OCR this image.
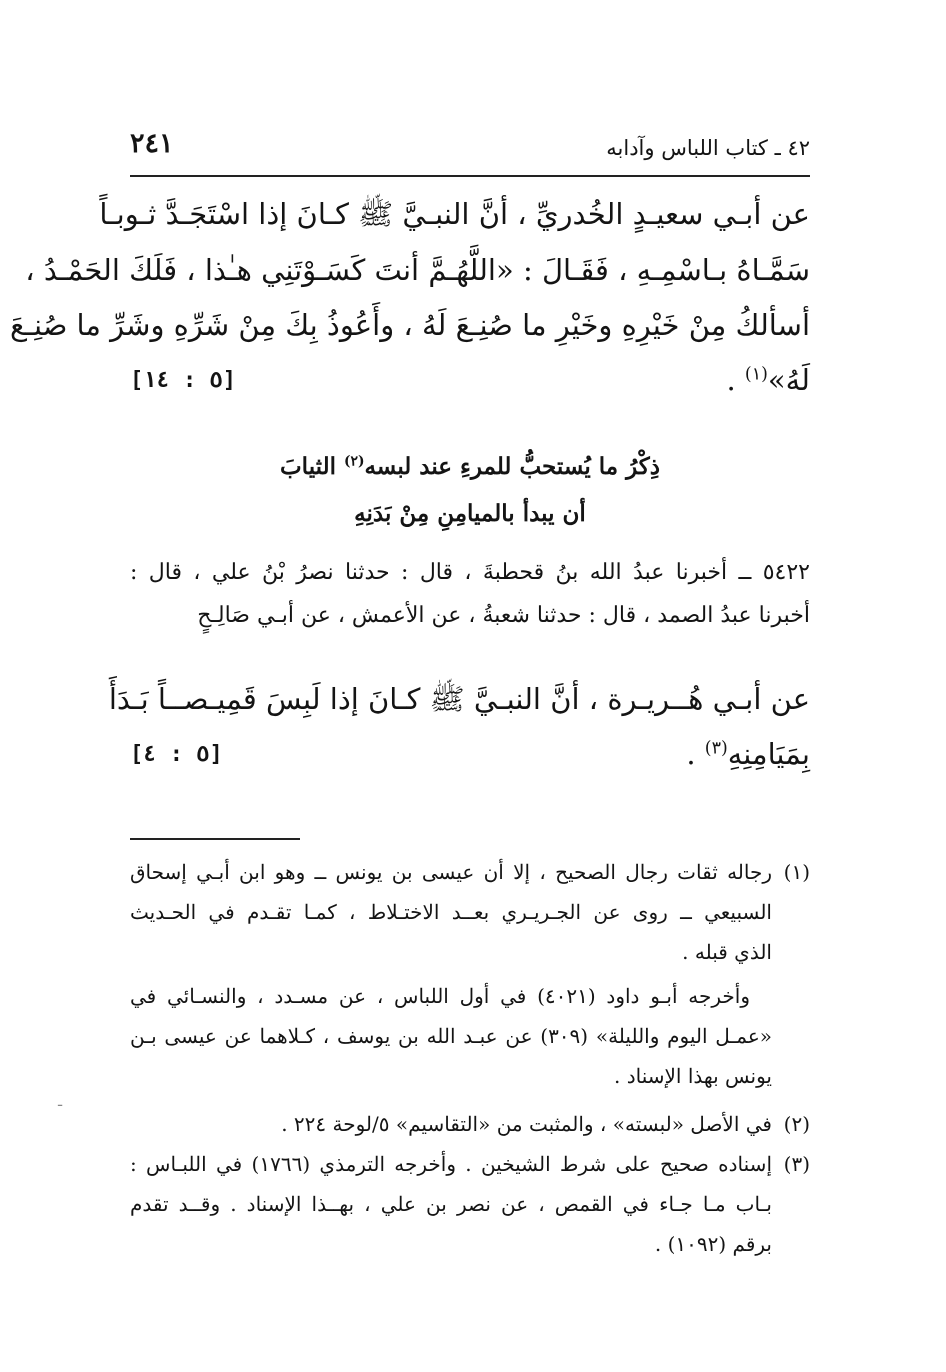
٢٤١	٤٢ ـ كتاب اللباس وآدابه
عن أبـي سعيـدٍ الخُدريِّ ، أنَّ النبـيَّ ﷺ كـانَ إذا اسْتَجَـدَّ ثـوبـاً
سَمَّـاهُ بـاسْمِـهِ ، فَقَـالَ : «اللَّهُـمَّ أنتَ كَسَـوْتَنِي هـٰذا ، فَلَكَ الحَمْـدُ ،
أسألكُ مِنْ خَيْرِهِ وخَيْرِ ما صُنِـعَ لَهُ ، وأَعُوذُ بِكَ مِنْ شَرِّهِ وشَرِّ ما صُنِـعَ
لَهُ»$^{(١)}$ .
[٥ : ١٤]
ذِكْرُ ما يُستحبُّ للمرءِ عند لبسه$^{(٢)}$ الثيابَ
أن يبدأ بالميامِنِ مِنْ بَدَنِهِ
٥٤٢٢ ــ أخبرنا عبدُ الله بنُ قحطبةَ ، قال : حدثنا نصرُ بْنُ علي ، قال :
أخبرنا عبدُ الصمد ، قال : حدثنا شعبةُ ، عن الأعمش ، عن أبـي صَالِـحٍ
عن أبـي هُــريـرة ، أنَّ النبـيَّ ﷺ كـانَ إذا لَبِسَ قَمِيـصــاً بَـدَأَ
بِمَيَامِنِهِ$^{(٣)}$ .
[٥ : ٤]
(١)
رجاله ثقات رجال الصحيح ، إلا أن عيسى بن يونس ــ وهو ابن أبـي إسحاق
السبيعي ــ روى عن الجـريـري بعــد الاختـلاط ، كمـا تقـدم في الحـديث
الذي قبله .
وأخرجه أبـو داود (٤٠٢١) في أول اللباس ، عن مسـدد ، والنسـائي في
«عمـل اليوم والليلة» (٣٠٩) عن عبـد الله بن يوسف ، كـلاهما عن عيسى بـن
يونس بهذا الإسناد .
(٢)
في الأصل «لبسته» ، والمثبت من «التقاسيم» ٥/لوحة ٢٢٤ .
(٣)
إسناده صحيح على شرط الشيخين . وأخرجه الترمذي (١٧٦٦) في اللبـاس :
بـاب مـا جـاء في القمص ، عن نصر بن علي ، بهــذا الإسناد . وقــد تقدم
برقم (١٠٩٢) .
ـ
